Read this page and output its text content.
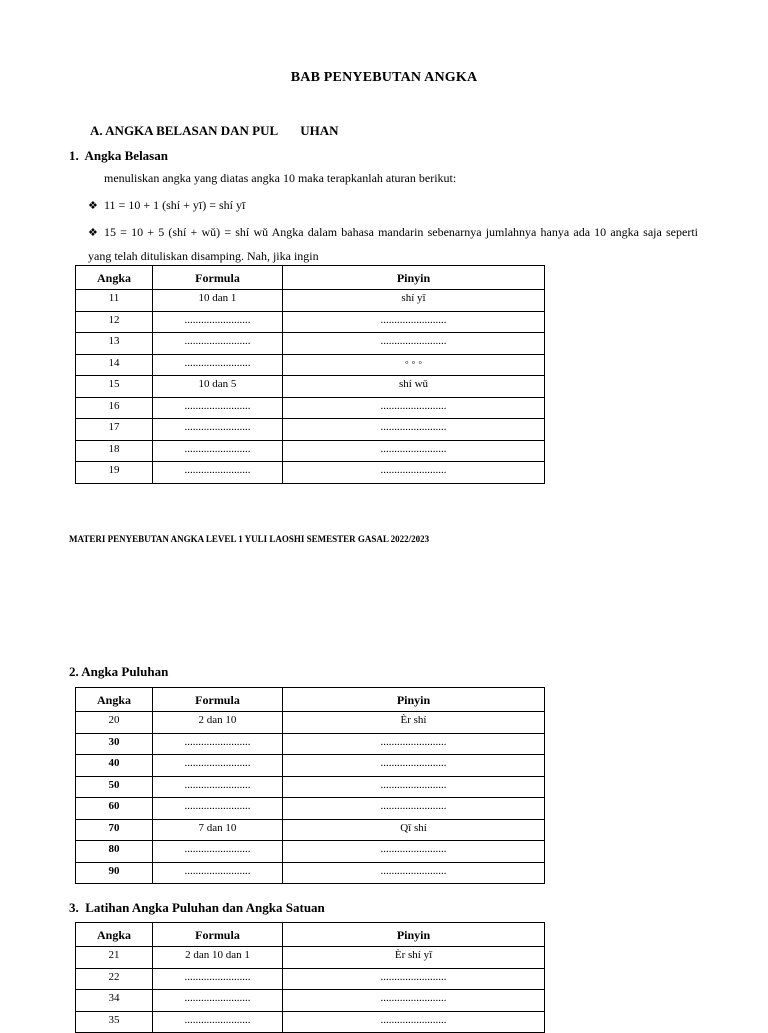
BAB PENYEBUTAN ANGKA
A. ANGKA BELASAN DAN PUL       UHAN
1.  Angka Belasan
menuliskan angka yang diatas angka 10 maka terapkanlah aturan berikut:
❖ 11 = 10 + 1 (shí + yī) = shí yī
❖ 15 = 10 + 5 (shí + wǔ) = shí wǔ Angka dalam bahasa mandarin sebenarnya jumlahnya hanya ada 10 angka saja seperti yang telah dituliskan disamping. Nah, jika ingin
Angka	Formula	Pinyin
11	10 dan 1	shí yī
12	........................	........................
13	........................	........................
14	........................	◦ ◦ ◦
15	10 dan 5	shí wǔ
16	........................	........................
17	........................	........................
18	........................	........................
19	........................	........................
MATERI PENYEBUTAN ANGKA LEVEL 1 YULI LAOSHI SEMESTER GASAL 2022/2023
2. Angka Puluhan
Angka	Formula	Pinyin
20	2 dan 10	Èr shí
30	........................	........................
40	........................	........................
50	........................	........................
60	........................	........................
70	7 dan 10	Qī shí
80	........................	........................
90	........................	........................
3.  Latihan Angka Puluhan dan Angka Satuan
Angka	Formula	Pinyin
21	2 dan 10 dan 1	Èr shí yī
22	........................	........................
34	........................	........................
35	........................	........................
